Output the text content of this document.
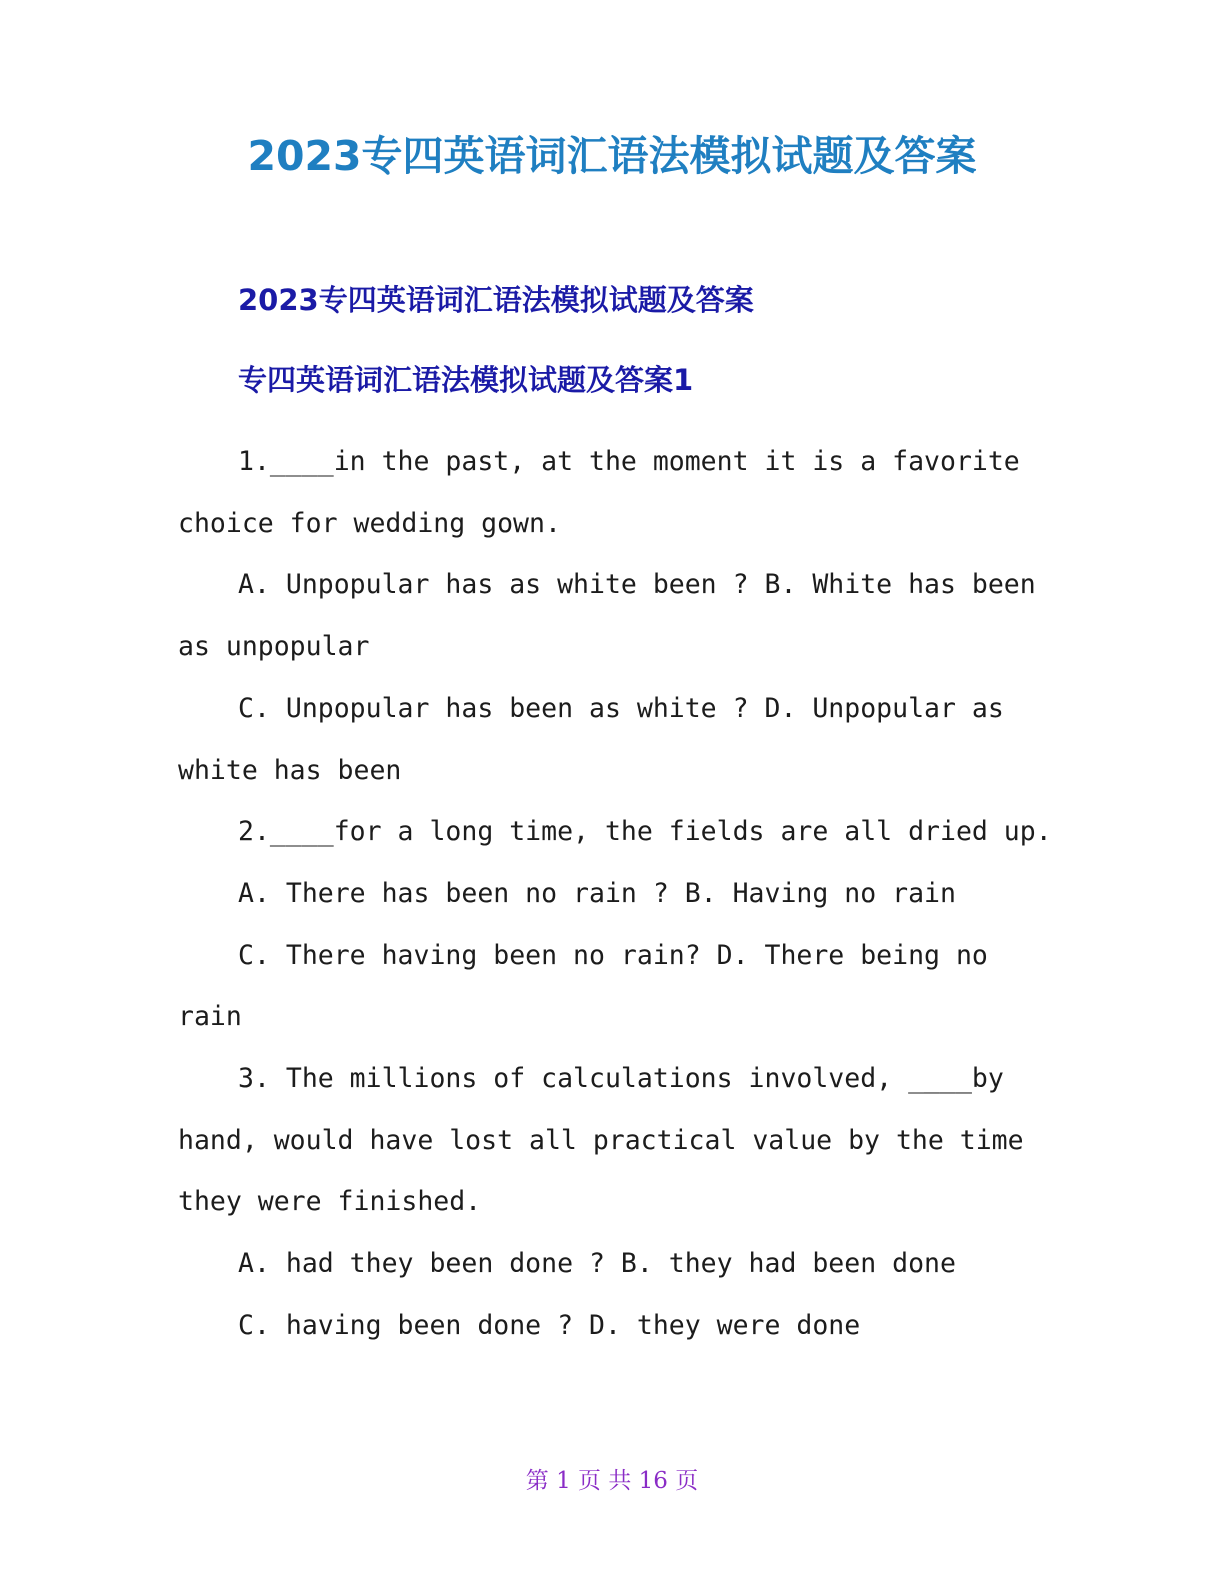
2023专四英语词汇语法模拟试题及答案
2023专四英语词汇语法模拟试题及答案
专四英语词汇语法模拟试题及答案1

1.____in the past, at the moment it is a favorite choice for wedding gown.

A. Unpopular has as white been ? B. White has been as unpopular

C. Unpopular has been as white ? D. Unpopular as white has been

2.____for a long time, the fields are all dried up.

A. There has been no rain ? B. Having no rain

C. There having been no rain? D. There being no rain

3. The millions of calculations involved, ____by hand, would have lost all practical value by the time they were finished.

A. had they been done ? B. they had been done

C. having been done ? D. they were done

第 1 页 共 16 页
